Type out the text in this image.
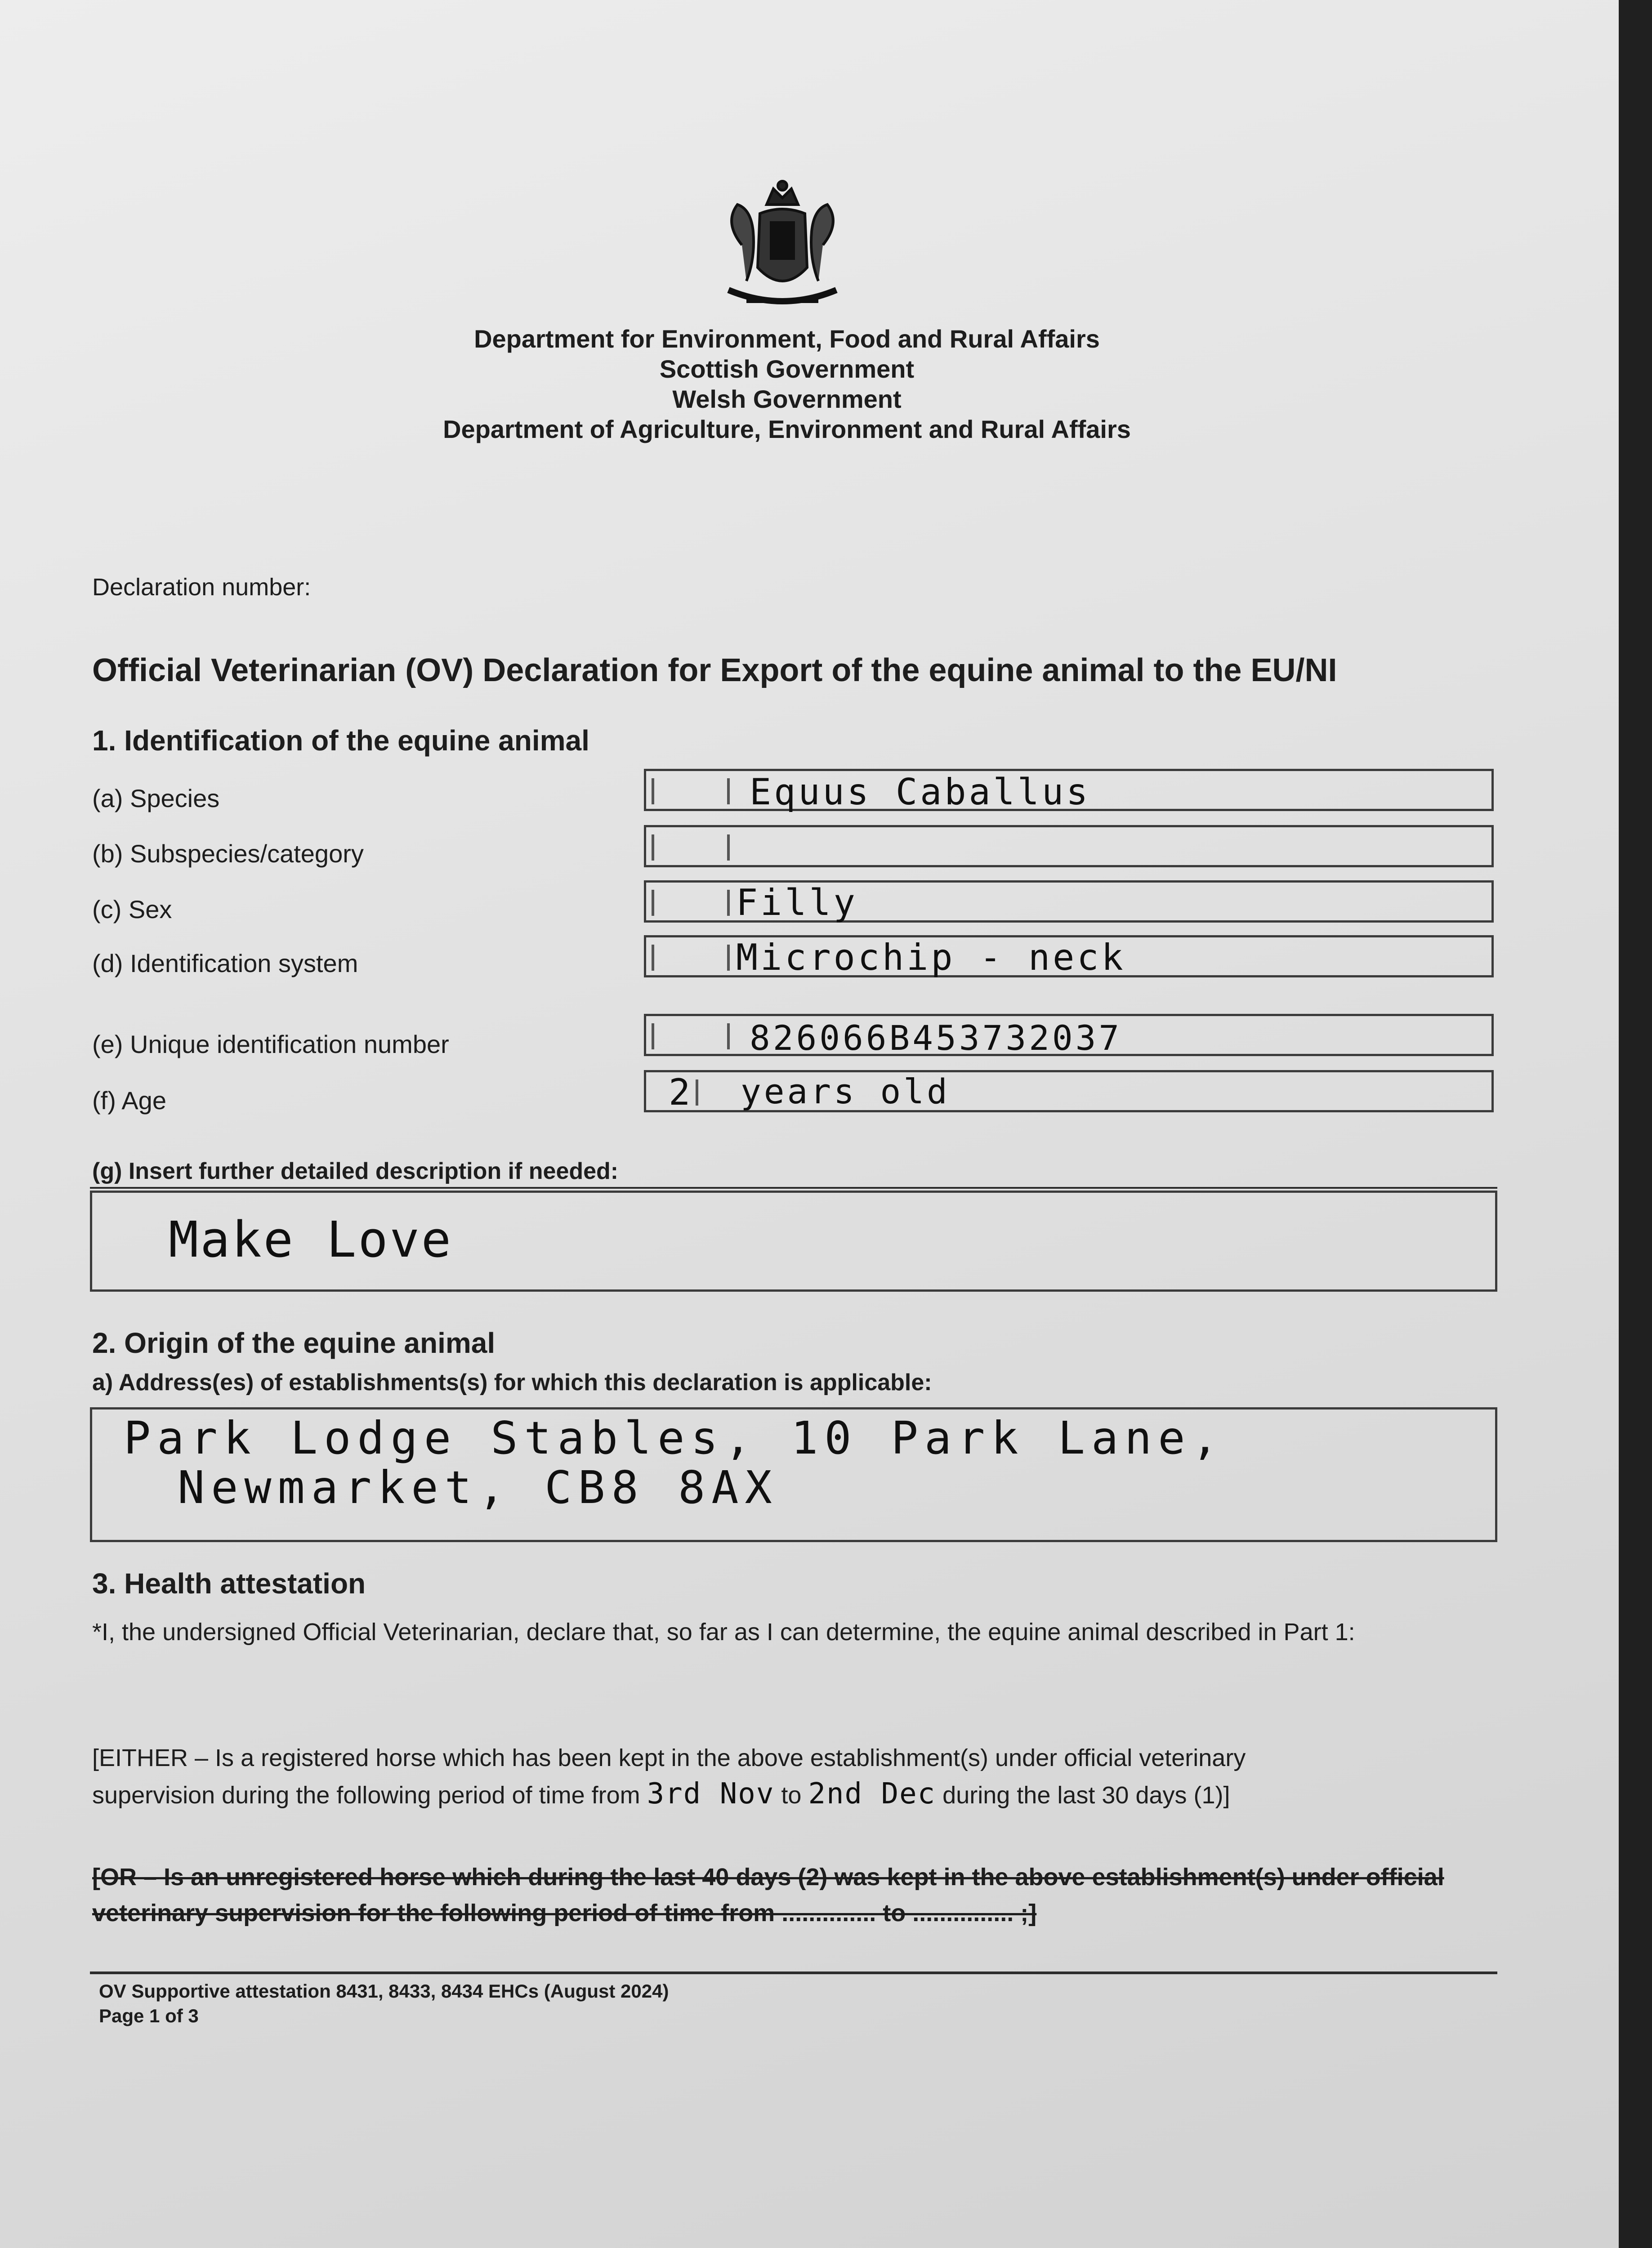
Department for Environment, Food and Rural Affairs
Scottish Government
Welsh Government
Department of Agriculture, Environment and Rural Affairs
Declaration number:
Official Veterinarian (OV) Declaration for Export of the equine animal to the EU/NI
1. Identification of the equine animal
(a) Species	Equus Caballus
(b) Subspecies/category
(c) Sex	Filly
(d) Identification system	Microchip - neck
(e) Unique identification number	826066B453732037
(f) Age	2 years old
(g) Insert further detailed description if needed:
Make Love
2. Origin of the equine animal
a) Address(es) of establishments(s) for which this declaration is applicable:
Park Lodge Stables, 10 Park Lane,
Newmarket, CB8 8AX
3. Health attestation
*I, the undersigned Official Veterinarian, declare that, so far as I can determine, the equine animal described in Part 1:
[EITHER – Is a registered horse which has been kept in the above establishment(s) under official veterinary
supervision during the following period of time from 3rd Nov to 2nd Dec during the last 30 days (1)]
[OR – Is an unregistered horse which during the last 40 days (2) was kept in the above establishment(s) under official
veterinary supervision for the following period of time from .............. to ............... ;]
OV Supportive attestation 8431, 8433, 8434 EHCs (August 2024)
Page 1 of 3
